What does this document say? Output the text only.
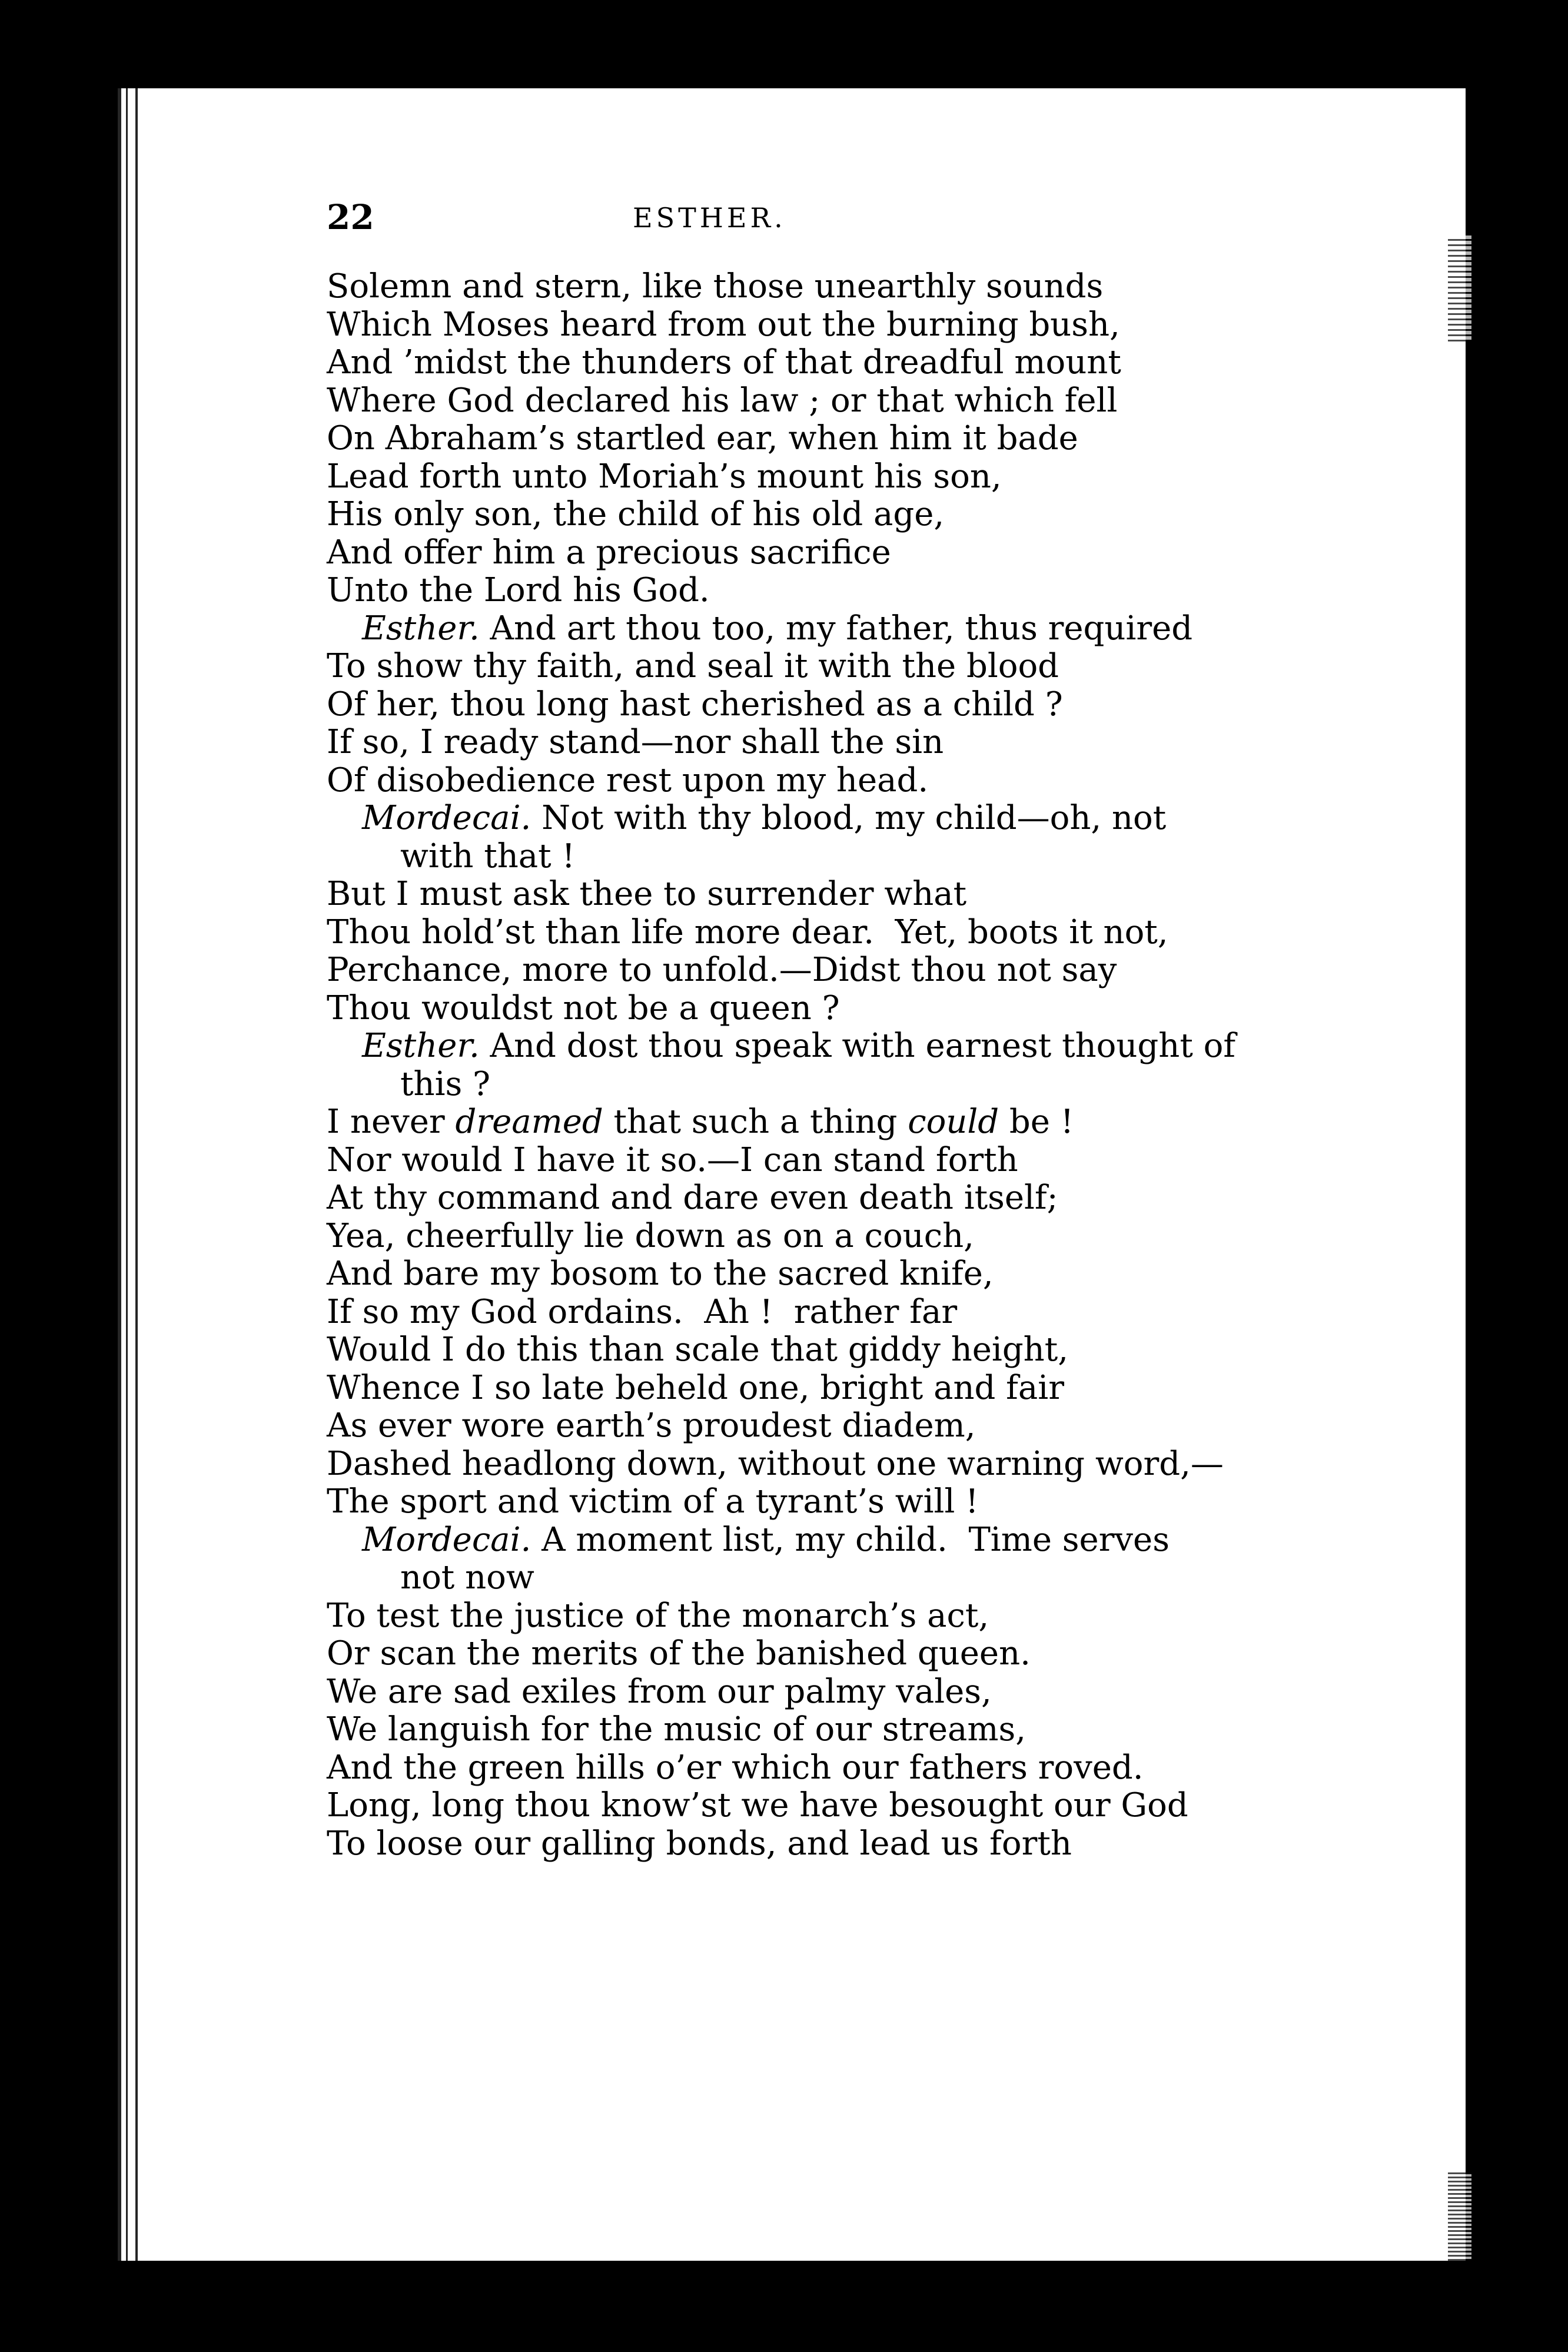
22	ESTHER.
Solemn and stern, like those unearthly sounds
Which Moses heard from out the burning bush,
And ’midst the thunders of that dreadful mount
Where God declared his law ; or that which fell
On Abraham’s startled ear, when him it bade
Lead forth unto Moriah’s mount his son,
His only son, the child of his old age,
And offer him a precious sacrifice
Unto the Lord his God.
Esther. And art thou too, my father, thus required
To show thy faith, and seal it with the blood
Of her, thou long hast cherished as a child ?
If so, I ready stand—nor shall the sin
Of disobedience rest upon my head.
Mordecai. Not with thy blood, my child—oh, not
with that !
But I must ask thee to surrender what
Thou hold’st than life more dear.  Yet, boots it not,
Perchance, more to unfold.—Didst thou not say
Thou wouldst not be a queen ?
Esther. And dost thou speak with earnest thought of
this ?
I never dreamed that such a thing could be !
Nor would I have it so.—I can stand forth
At thy command and dare even death itself;
Yea, cheerfully lie down as on a couch,
And bare my bosom to the sacred knife,
If so my God ordains.  Ah !  rather far
Would I do this than scale that giddy height,
Whence I so late beheld one, bright and fair
As ever wore earth’s proudest diadem,
Dashed headlong down, without one warning word,—
The sport and victim of a tyrant’s will !
Mordecai. A moment list, my child.  Time serves
not now
To test the justice of the monarch’s act,
Or scan the merits of the banished queen.
We are sad exiles from our palmy vales,
We languish for the music of our streams,
And the green hills o’er which our fathers roved.
Long, long thou know’st we have besought our God
To loose our galling bonds, and lead us forth
